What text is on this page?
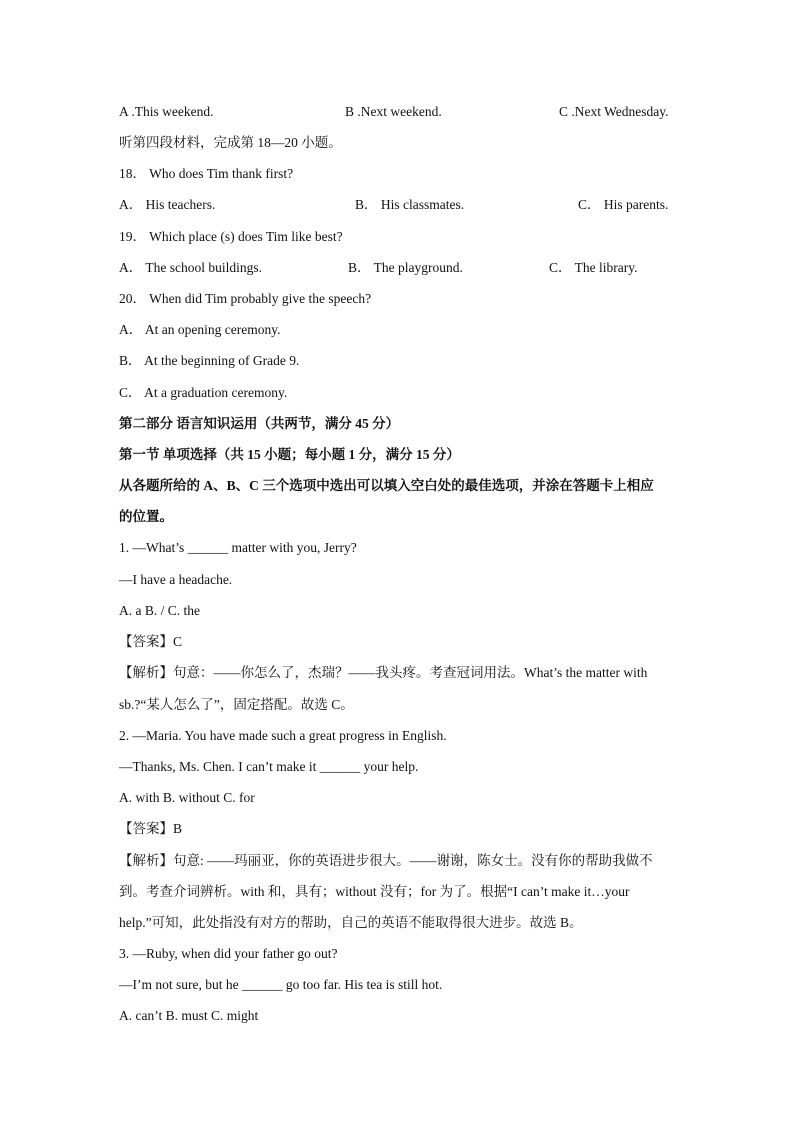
A .This weekend.	B .Next weekend.	C .Next Wednesday.
听第四段材料，完成第 18—20 小题。
18． Who does Tim thank first?
A． His teachers.	B． His classmates.	C． His parents.
19． Which place (s) does Tim like best?
A． The school buildings.	B． The playground.	C． The library.
20． When did Tim probably give the speech?
A． At an opening ceremony.
B． At the beginning of Grade 9.
C． At a graduation ceremony.
第二部分 语言知识运用（共两节，满分 45 分）
第一节 单项选择（共 15 小题；每小题 1 分，满分 15 分）
从各题所给的 A、B、C 三个选项中选出可以填入空白处的最佳选项，并涂在答题卡上相应
的位置。
1. —What’s ______ matter with you, Jerry?
—I have a headache.
A. a B. / C. the
【答案】C
【解析】句意：——你怎么了，杰瑞？——我头疼。考查冠词用法。What’s the matter with
sb.?“某人怎么了”，固定搭配。故选 C。
2. —Maria. You have made such a great progress in English.
—Thanks, Ms. Chen. I can’t make it ______ your help.
A. with B. without C. for
【答案】B
【解析】句意: ——玛丽亚，你的英语进步很大。——谢谢，陈女士。没有你的帮助我做不
到。考查介词辨析。with 和，具有；without 没有；for 为了。根据“I can’t make it…your
help.”可知，此处指没有对方的帮助，自己的英语不能取得很大进步。故选 B。
3. —Ruby, when did your father go out?
—I’m not sure, but he ______ go too far. His tea is still hot.
A. can’t B. must C. might
